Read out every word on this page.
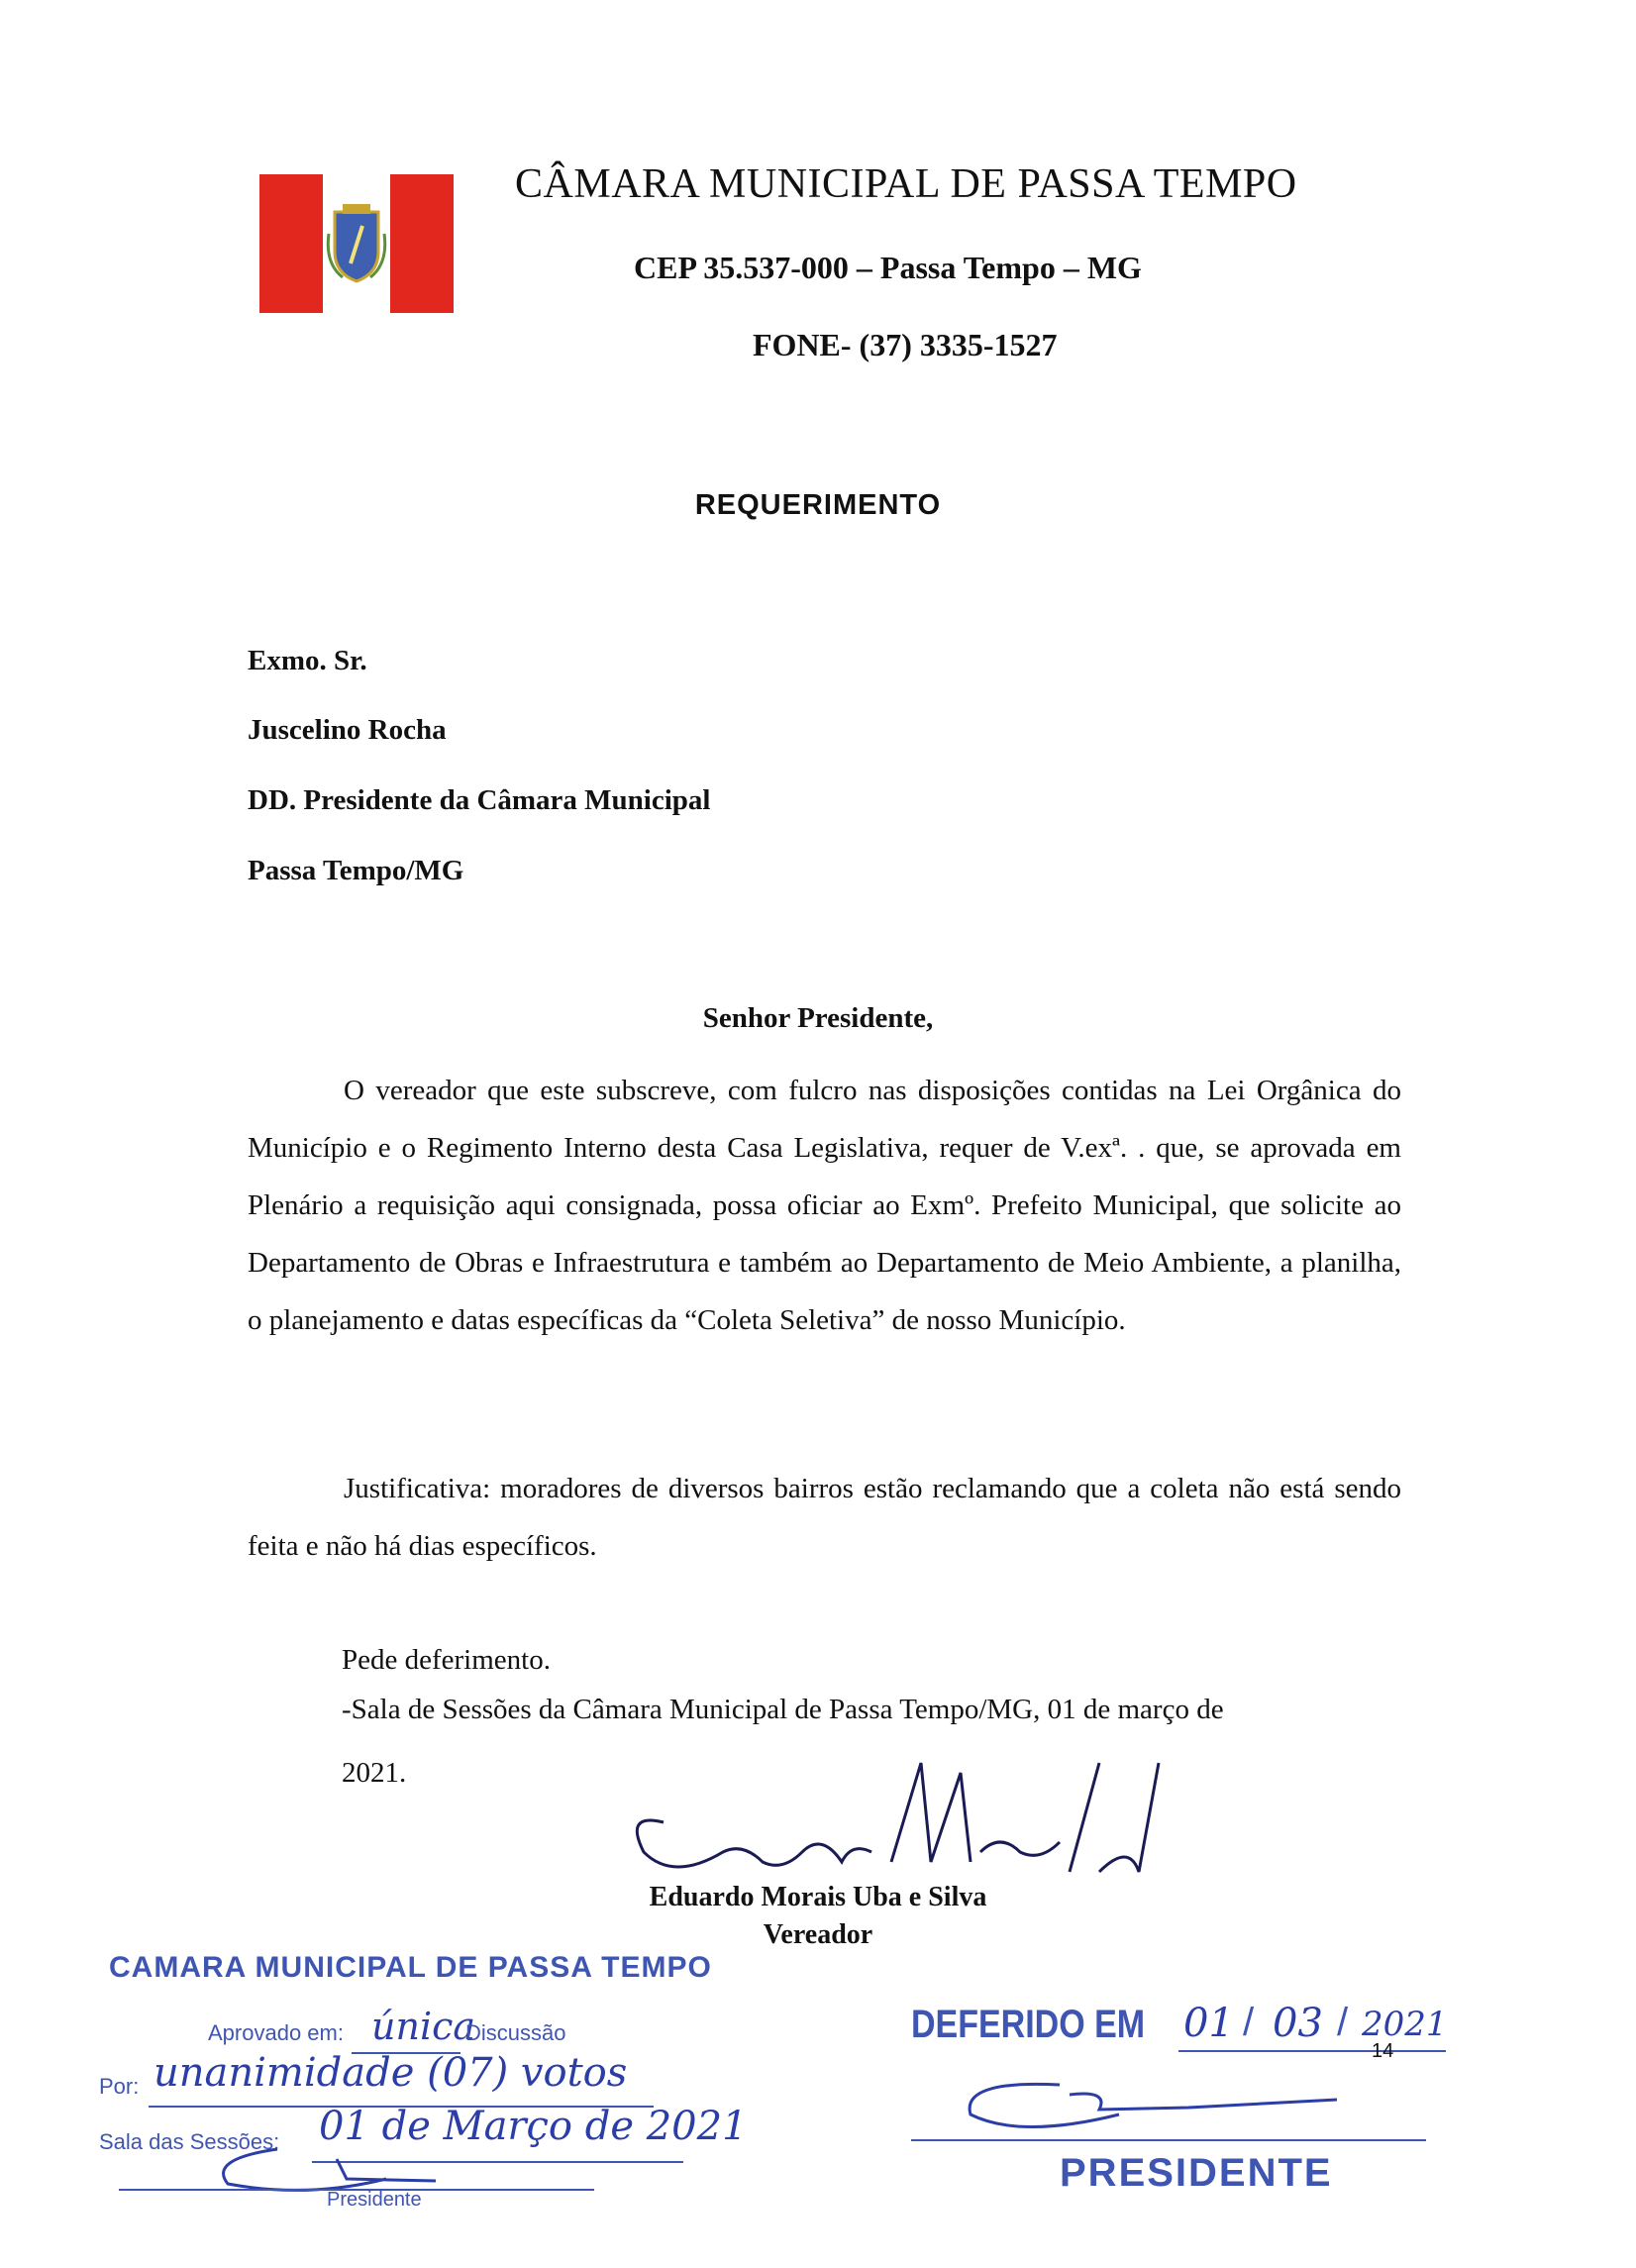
CÂMARA MUNICIPAL DE PASSA TEMPO
CEP 35.537-000 – Passa Tempo – MG
FONE- (37) 3335-1527
REQUERIMENTO
Exmo. Sr.
Juscelino Rocha
DD. Presidente da Câmara Municipal
Passa Tempo/MG
Senhor Presidente,

O vereador que este subscreve, com fulcro nas disposições contidas na Lei Orgânica do Município e o Regimento Interno desta Casa Legislativa, requer de V.exª. . que, se aprovada em Plenário a requisição aqui consignada, possa oficiar ao Exmº. Prefeito Municipal, que solicite ao Departamento de Obras e Infraestrutura e também ao Departamento de Meio Ambiente, a planilha, o planejamento e datas específicas da “Coleta Seletiva” de nosso Município.

Justificativa: moradores de diversos bairros estão reclamando que a coleta não está sendo feita e não há dias específicos.

Pede deferimento.
-Sala de Sessões da Câmara Municipal de Passa Tempo/MG, 01 de março de
2021.
Eduardo Morais Uba e Silva
Vereador
CAMARA MUNICIPAL DE PASSA TEMPO
Aprovado em: única
Discussão
Por: unanimidade (07) votos
Sala das Sessões: 01 de Março de 2021
Presidente
DEFERIDO EM 01 / 03 / 2021
PRESIDENTE
14
